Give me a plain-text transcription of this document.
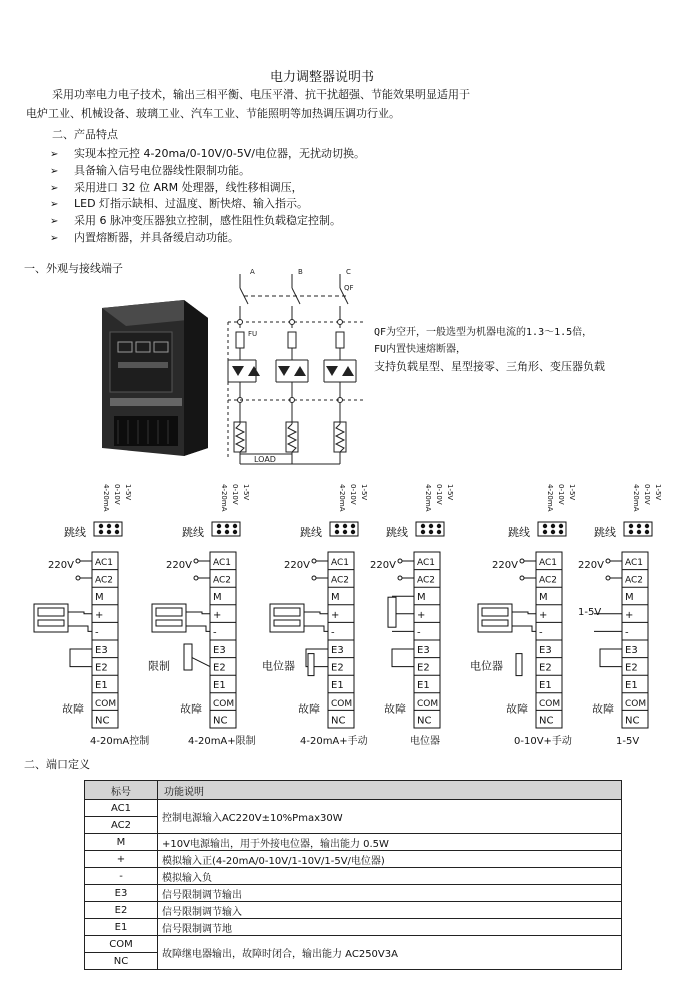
电力调整器说明书
采用功率电力电子技术，输出三相平衡、电压平滑、抗干扰超强、节能效果明显适用于
电炉工业、机械设备、玻璃工业、汽车工业、节能照明等加热调压调功行业。
二、产品特点
➢ 实现本控元控 4-20ma/0-10V/0-5V/电位器，无扰动切换。
➢ 具备输入信号电位器线性限制功能。
➢ 采用进口 32 位 ARM 处理器，线性移相调压，
➢ LED 灯指示缺相、过温度、断快熔、输入指示。
➢ 采用 6 脉冲变压器独立控制，感性阻性负载稳定控制。
➢ 内置熔断器，并具备缓启动功能。
一、外观与接线端子	A	B	C
QF
FU
LOAD
QF为空开，一般选型为机器电流的1.3～1.5倍，
FU内置快速熔断器，
支持负载星型、星型接零、三角形、变压器负载
4-20mA 0-10V 1-5V
跳线
AC1
AC2
M
+
-
E3
E2
E1
COM
NC
220V
故障
4-20mA控制
4-20mA 0-10V 1-5V
跳线
AC1
AC2
M
+
-
E3
E2
E1
COM
NC
220V
故障
限制
4-20mA+限制
4-20mA 0-10V 1-5V
跳线
AC1
AC2
M
+
-
E3
E2
E1
COM
NC
220V
故障
电位器
4-20mA+手动
4-20mA 0-10V 1-5V
跳线
AC1
AC2
M
+
-
E3
E2
E1
COM
NC
220V
故障
电位器
4-20mA 0-10V 1-5V
跳线
AC1
AC2
M
+
-
E3
E2
E1
COM
NC
220V
故障
电位器
0-10V+手动
4-20mA 0-10V 1-5V
跳线
AC1
AC2
M
+
-
E3
E2
E1
COM
NC
220V
故障
1-5V
1-5V
二、端口定义
标号	功能说明
AC1	控制电源输入AC220V±10%Pmax30W
AC2	
M	+10V电源输出，用于外接电位器，输出能力 0.5W
+	模拟输入正(4-20mA/0-10V/1-10V/1-5V/电位器)
-	模拟输入负
E3	信号限制调节输出
E2	信号限制调节输入
E1	信号限制调节地
COM	故障继电器输出，故障时闭合，输出能力 AC250V3A
NC	
